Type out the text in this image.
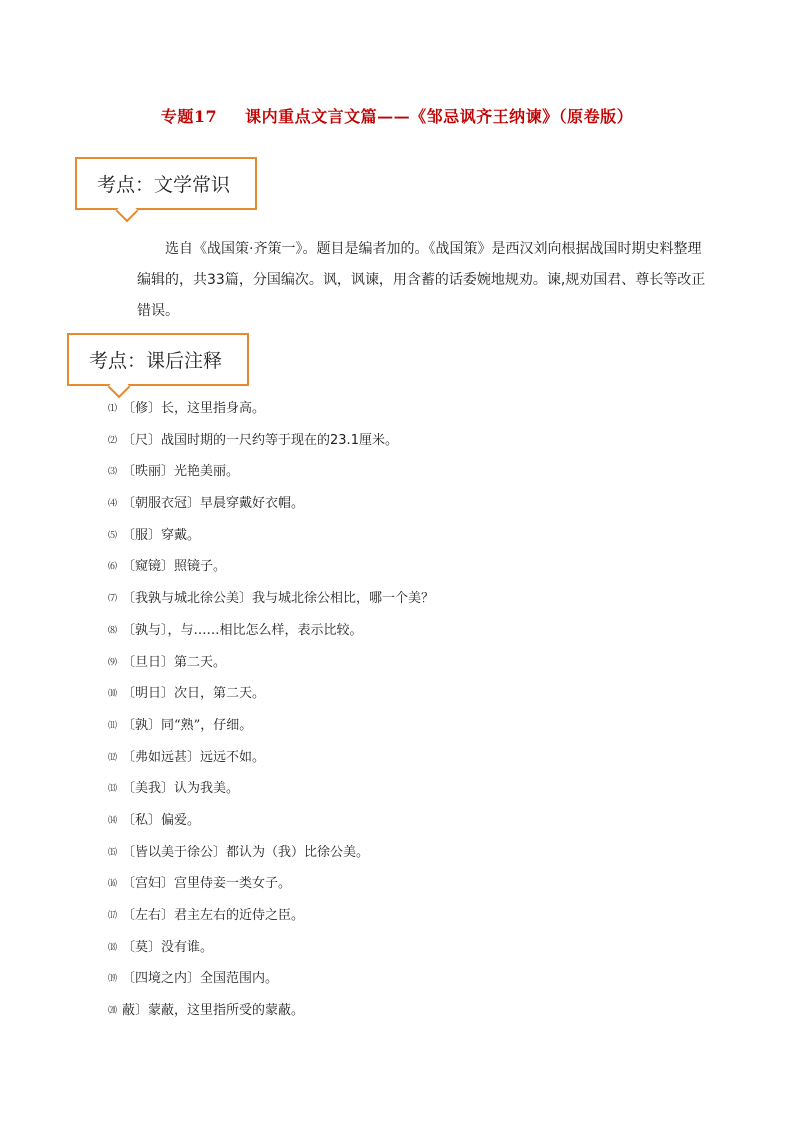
专题17 课内重点文言文篇——《邹忌讽齐王纳谏》（原卷版）
考点：文学常识
选自《战国策·齐策一》。题目是编者加的。《战国策》是西汉刘向根据战国时期史料整理编辑的，共33篇，分国编次。讽，讽谏，用含蓄的话委婉地规劝。谏,规劝国君、尊长等改正错误。
考点：课后注释
⑴ 〔修〕长，这里指身高。
⑵ 〔尺〕战国时期的一尺约等于现在的23.1厘米。
⑶ 〔昳丽〕光艳美丽。
⑷ 〔朝服衣冠〕早晨穿戴好衣帽。
⑸ 〔服〕穿戴。
⑹ 〔窥镜〕照镜子。
⑺ 〔我孰与城北徐公美〕我与城北徐公相比，哪一个美？
⑻ 〔孰与〕，与……相比怎么样，表示比较。
⑼ 〔旦日〕第二天。
⑽ 〔明日〕次日，第二天。
⑾ 〔孰〕同“熟”，仔细。
⑿ 〔弗如远甚〕远远不如。
⒀ 〔美我〕认为我美。
⒁ 〔私〕偏爱。
⒂ 〔皆以美于徐公〕都认为（我）比徐公美。
⒃ 〔宫妇〕宫里侍妾一类女子。
⒄ 〔左右〕君主左右的近侍之臣。
⒅ 〔莫〕没有谁。
⒆ 〔四境之内〕全国范围内。
⒇ 蔽〕蒙蔽，这里指所受的蒙蔽。
